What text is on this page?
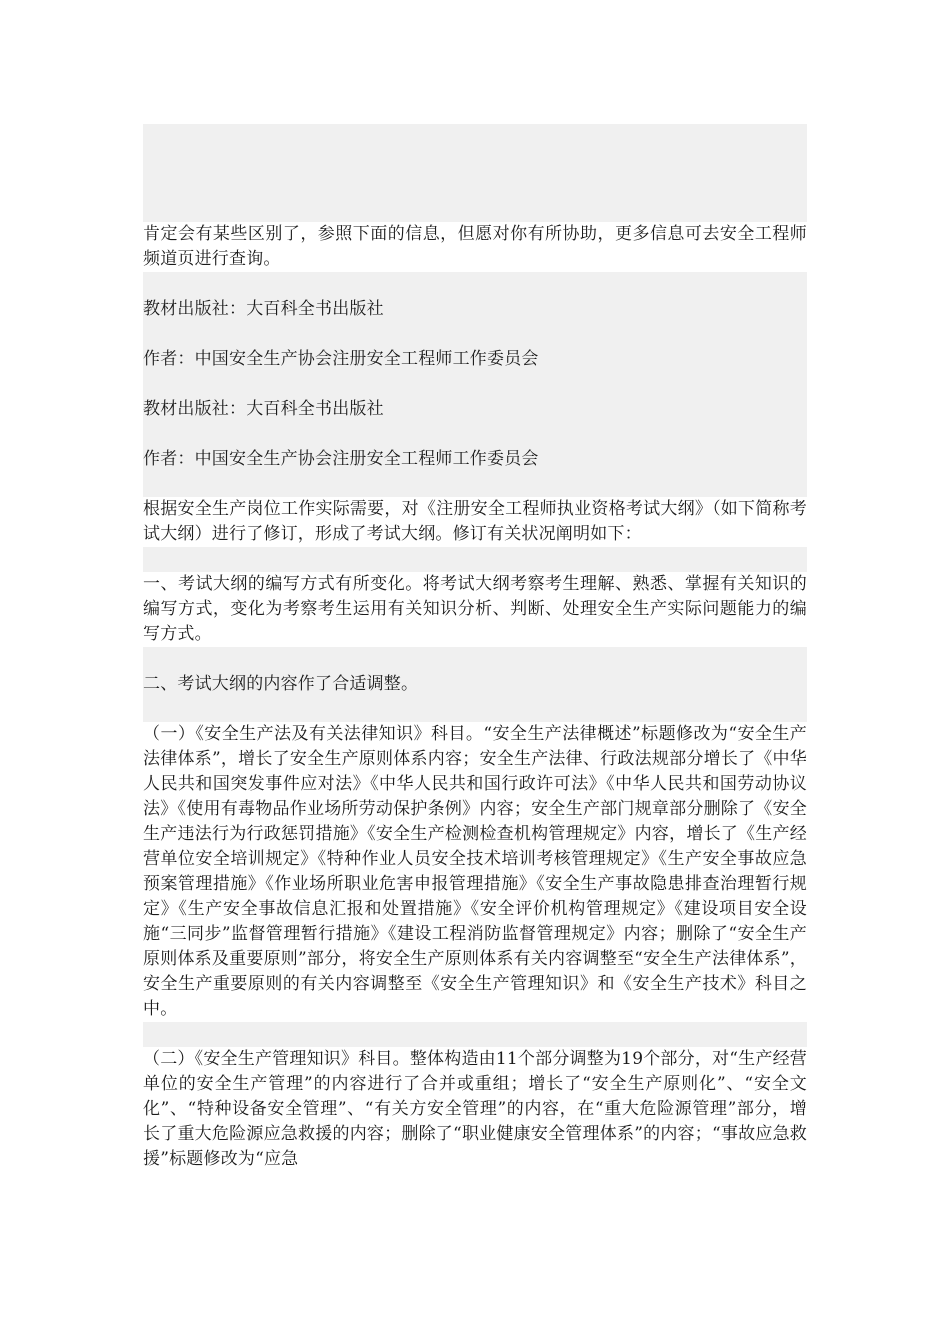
肯定会有某些区别了，参照下面的信息，但愿对你有所协助，更多信息可去安全工程师频道页进行查询。

教材出版社：大百科全书出版社

作者：中国安全生产协会注册安全工程师工作委员会

教材出版社：大百科全书出版社

作者：中国安全生产协会注册安全工程师工作委员会

根据安全生产岗位工作实际需要，对《注册安全工程师执业资格考试大纲》（如下简称考试大纲）进行了修订，形成了考试大纲。修订有关状况阐明如下：

一、考试大纲的编写方式有所变化。将考试大纲考察考生理解、熟悉、掌握有关知识的编写方式，变化为考察考生运用有关知识分析、判断、处理安全生产实际问题能力的编写方式。

二、考试大纲的内容作了合适调整。

（一）《安全生产法及有关法律知识》科目。“安全生产法律概述”标题修改为“安全生产法律体系”，增长了安全生产原则体系内容；安全生产法律、行政法规部分增长了《中华人民共和国突发事件应对法》《中华人民共和国行政许可法》《中华人民共和国劳动协议法》《使用有毒物品作业场所劳动保护条例》内容；安全生产部门规章部分删除了《安全生产违法行为行政惩罚措施》《安全生产检测检查机构管理规定》内容，增长了《生产经营单位安全培训规定》《特种作业人员安全技术培训考核管理规定》《生产安全事故应急预案管理措施》《作业场所职业危害申报管理措施》《安全生产事故隐患排查治理暂行规定》《生产安全事故信息汇报和处置措施》《安全评价机构管理规定》《建设项目安全设施“三同步”监督管理暂行措施》《建设工程消防监督管理规定》内容；删除了“安全生产原则体系及重要原则”部分，将安全生产原则体系有关内容调整至“安全生产法律体系”，安全生产重要原则的有关内容调整至《安全生产管理知识》和《安全生产技术》科目之中。

（二）《安全生产管理知识》科目。整体构造由11个部分调整为19个部分，对“生产经营单位的安全生产管理”的内容进行了合并或重组；增长了“安全生产原则化”、“安全文化”、“特种设备安全管理”、“有关方安全管理”的内容，在“重大危险源管理”部分，增长了重大危险源应急救援的内容；删除了“职业健康安全管理体系”的内容；“事故应急救援”标题修改为“应急
